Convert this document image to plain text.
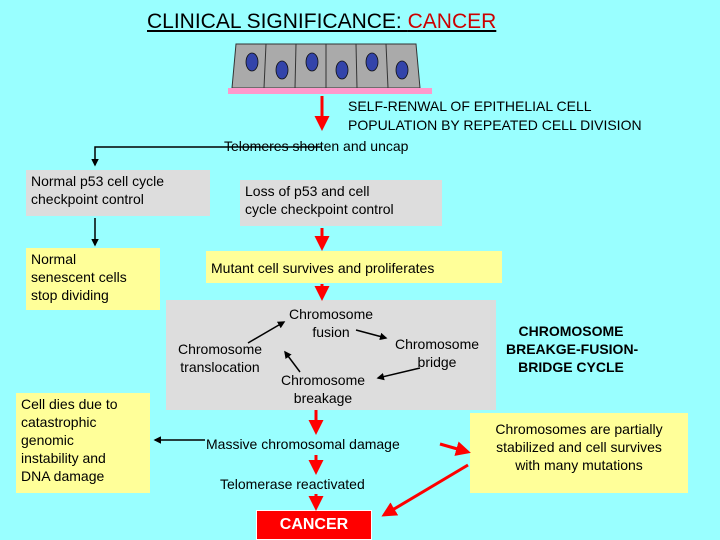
CLINICAL SIGNIFICANCE: CANCER
SELF-RENWAL OF EPITHELIAL CELL
POPULATION BY REPEATED CELL DIVISION
Telomeres shorten and uncap
Normal p53 cell cycle
checkpoint control	Loss of p53 and cell
cycle checkpoint control
Normal
senescent cells
stop dividing
Mutant cell survives and proliferates
Chromosome
fusion
Chromosome
bridge
Chromosome
translocation
Chromosome
breakage
CHROMOSOME
BREAKGE-FUSION-
BRIDGE CYCLE
Cell dies due to
catastrophic
genomic
instability and
DNA damage
Massive chromosomal damage
Telomerase reactivated
Chromosomes are partially
stabilized and cell survives
with many mutations
CANCER
